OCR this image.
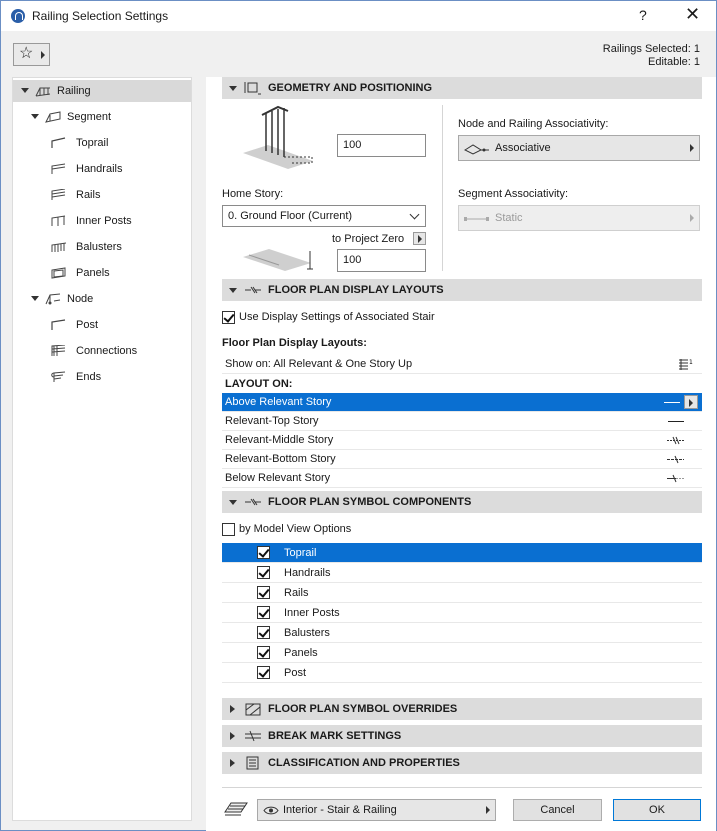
Railing Selection Settings	? ✕
☆	Railings Selected: 1
Editable: 1
Railing
Segment
Toprail
Handrails
Rails
Inner Posts
Balusters
Panels
Node
Post
Connections
Ends
GEOMETRY AND POSITIONING
100
Home Story:
0. Ground Floor (Current)
to Project Zero
100
Node and Railing Associativity:
Associative
Segment Associativity:
Static
FLOOR PLAN DISPLAY LAYOUTS
Use Display Settings of Associated Stair
Floor Plan Display Layouts:
Show on: All Relevant & One Story Up	1
LAYOUT ON:
Above Relevant Story
Relevant-Top Story
Relevant-Middle Story
Relevant-Bottom Story
Below Relevant Story
FLOOR PLAN SYMBOL COMPONENTS
by Model View Options
Toprail
Handrails
Rails
Inner Posts
Balusters
Panels
Post
FLOOR PLAN SYMBOL OVERRIDES
BREAK MARK SETTINGS
CLASSIFICATION AND PROPERTIES
Interior - Stair & Railing	Cancel	OK
